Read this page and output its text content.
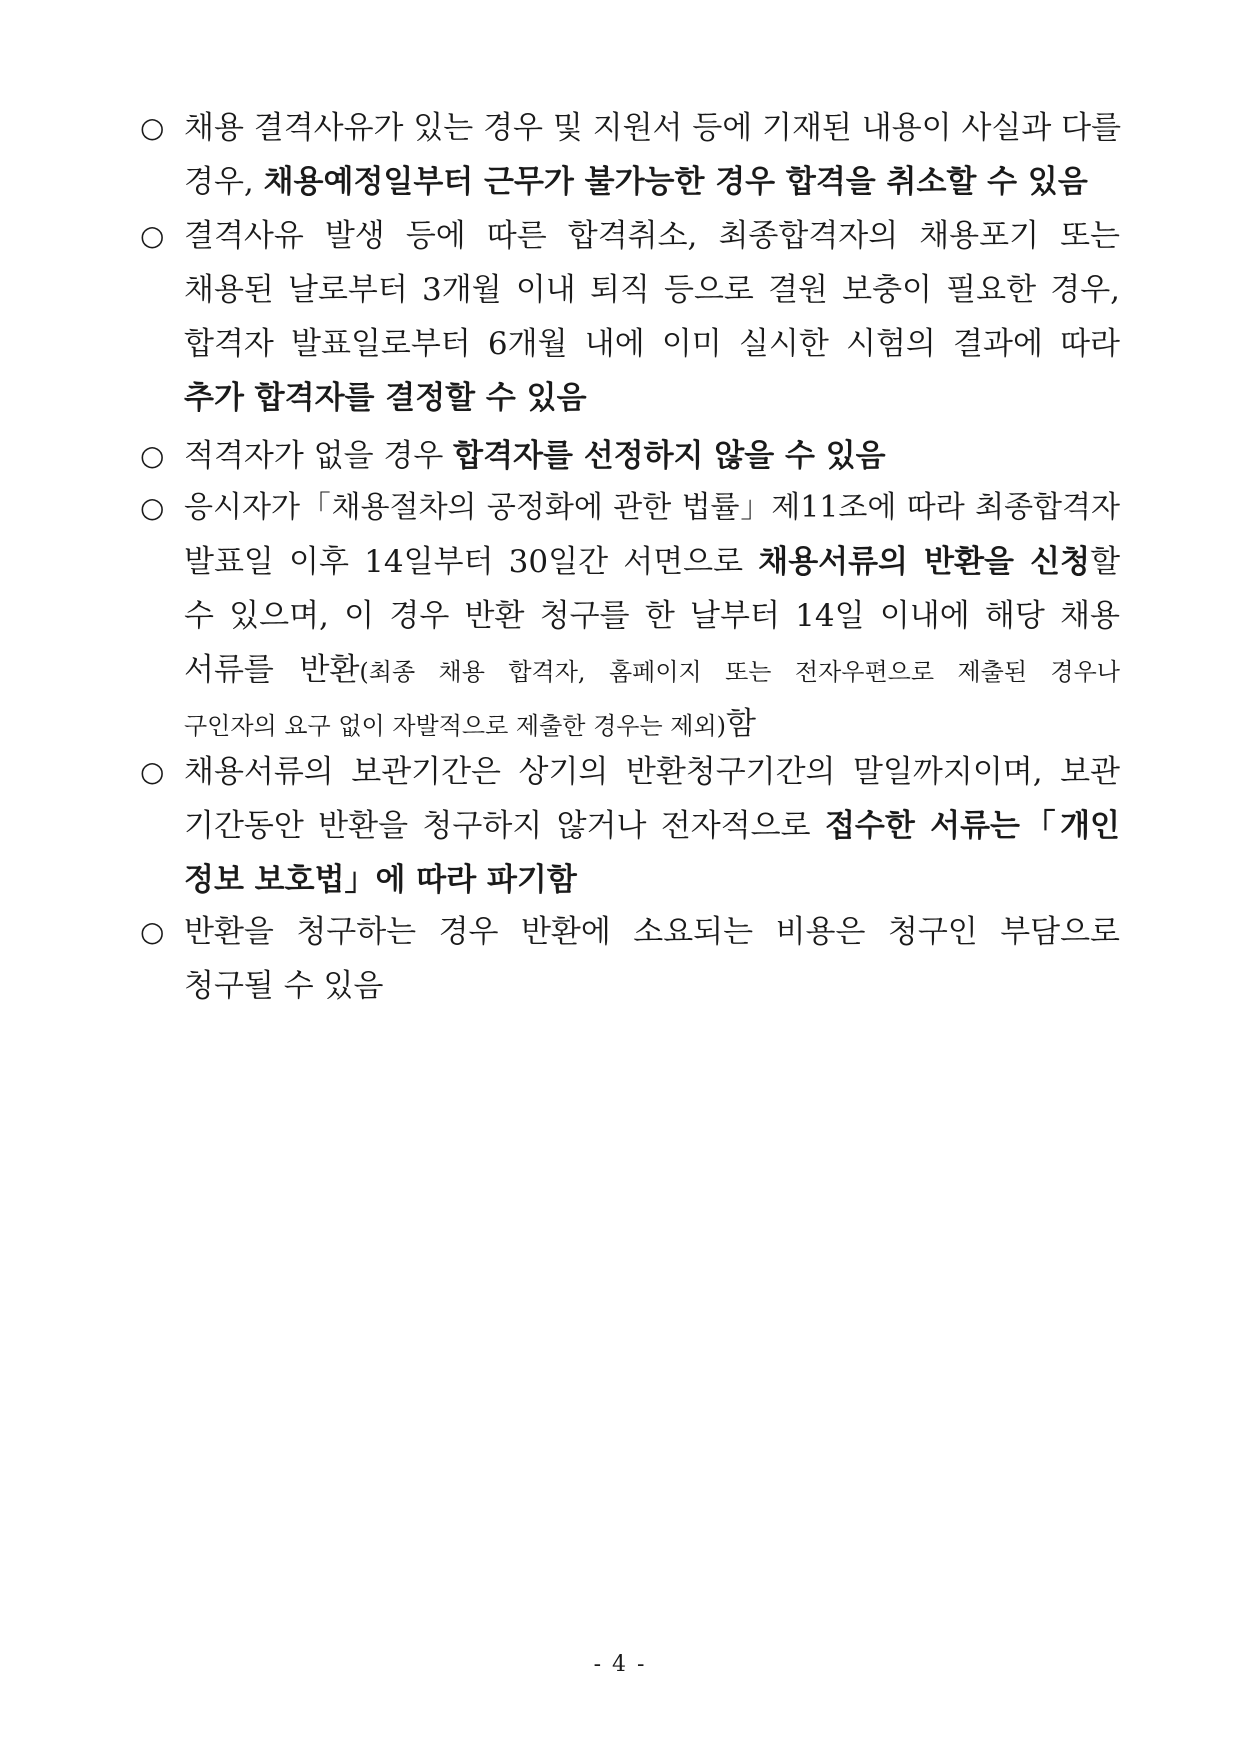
○ 채용 결격사유가 있는 경우 및 지원서 등에 기재된 내용이 사실과 다를
경우, 채용예정일부터 근무가 불가능한 경우 합격을 취소할 수 있음
○ 결격사유 발생 등에 따른 합격취소, 최종합격자의 채용포기 또는
채용된 날로부터 3개월 이내 퇴직 등으로 결원 보충이 필요한 경우,
합격자 발표일로부터 6개월 내에 이미 실시한 시험의 결과에 따라
추가 합격자를 결정할 수 있음
○ 적격자가 없을 경우 합격자를 선정하지 않을 수 있음
○ 응시자가「채용절차의 공정화에 관한 법률」제11조에 따라 최종합격자
발표일 이후 14일부터 30일간 서면으로 채용서류의 반환을 신청할
수 있으며, 이 경우 반환 청구를 한 날부터 14일 이내에 해당 채용
서류를 반환(최종 채용 합격자, 홈페이지 또는 전자우편으로 제출된 경우나
구인자의 요구 없이 자발적으로 제출한 경우는 제외)함
○ 채용서류의 보관기간은 상기의 반환청구기간의 말일까지이며, 보관
기간동안 반환을 청구하지 않거나 전자적으로 접수한 서류는「개인
정보 보호법」에 따라 파기함
○ 반환을 청구하는 경우 반환에 소요되는 비용은 청구인 부담으로
청구될 수 있음
- 4 -
